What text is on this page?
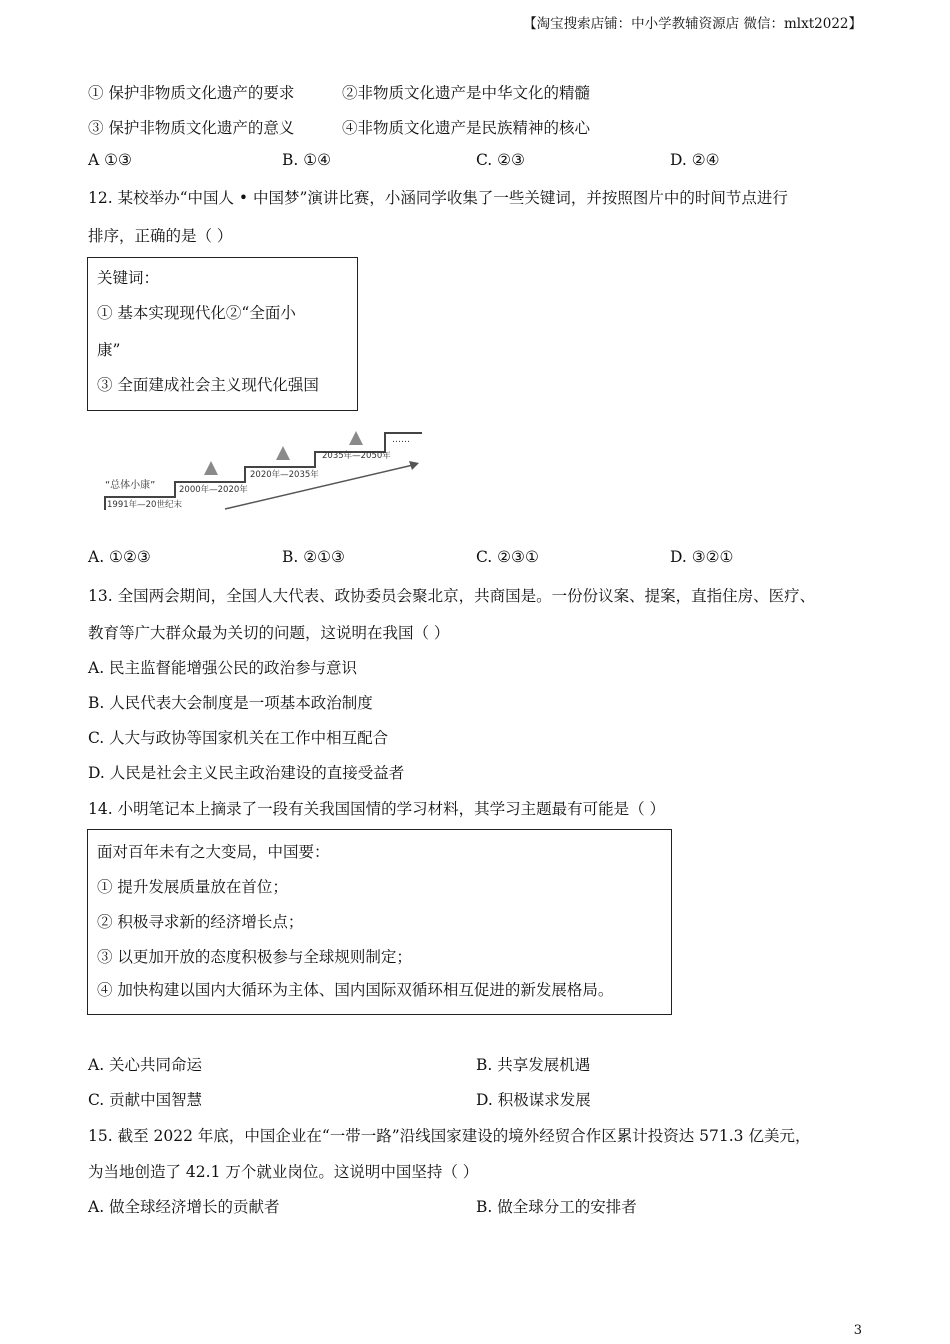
【淘宝搜索店铺：中小学教辅资源店 微信：mlxt2022】
① 保护非物质文化遗产的要求	②非物质文化遗产是中华文化的精髓
③ 保护非物质文化遗产的意义	④非物质文化遗产是民族精神的核心
A ①③	B. ①④	C. ②③	D. ②④
12. 某校举办“中国人 • 中国梦”演讲比赛，小涵同学收集了一些关键词，并按照图片中的时间节点进行
排序，正确的是（ ）
关键词：
① 基本实现现代化②“全面小
康”
③ 全面建成社会主义现代化强国
“总体小康”
1991年—20世纪末
2000年—2020年
2020年—2035年
2035年—2050年
……
A. ①②③	B. ②①③	C. ②③①	D. ③②①
13. 全国两会期间，全国人大代表、政协委员会聚北京，共商国是。一份份议案、提案，直指住房、医疗、
教育等广大群众最为关切的问题，这说明在我国（ ）
A. 民主监督能增强公民的政治参与意识
B. 人民代表大会制度是一项基本政治制度
C. 人大与政协等国家机关在工作中相互配合
D. 人民是社会主义民主政治建设的直接受益者
14. 小明笔记本上摘录了一段有关我国国情的学习材料，其学习主题最有可能是（ ）
面对百年未有之大变局，中国要：
① 提升发展质量放在首位；
② 积极寻求新的经济增长点；
③ 以更加开放的态度积极参与全球规则制定；
④ 加快构建以国内大循环为主体、国内国际双循环相互促进的新发展格局。
A. 关心共同命运	B. 共享发展机遇
C. 贡献中国智慧	D. 积极谋求发展
15. 截至 2022 年底，中国企业在“一带一路”沿线国家建设的境外经贸合作区累计投资达 571.3 亿美元，
为当地创造了 42.1 万个就业岗位。这说明中国坚持（ ）
A. 做全球经济增长的贡献者	B. 做全球分工的安排者
3
